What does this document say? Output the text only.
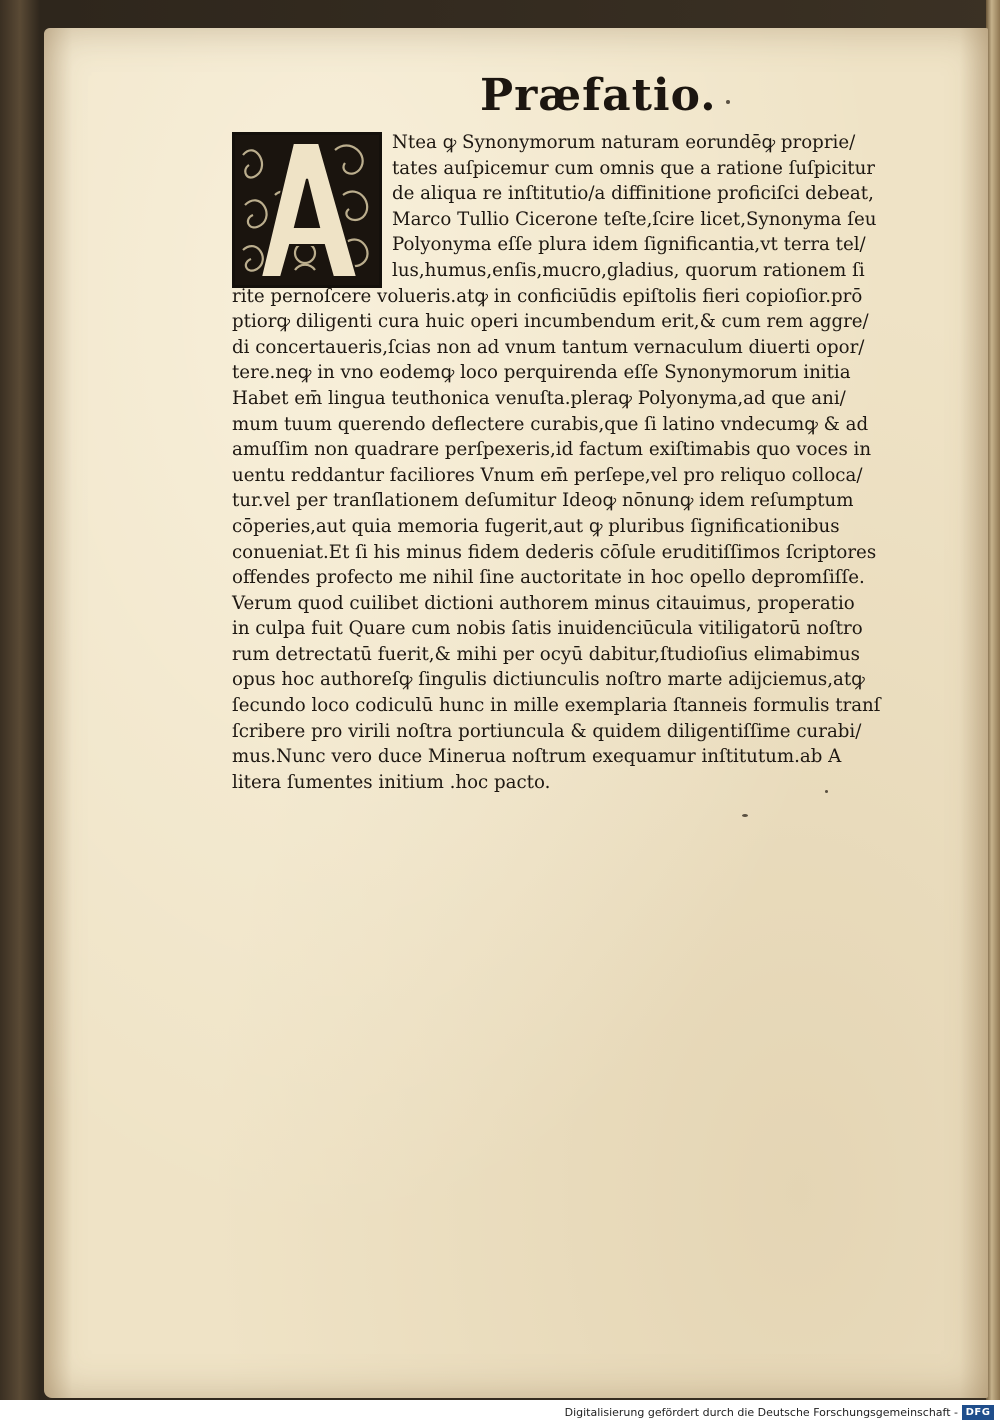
Præfatio.
A
Ntea ꝙ Synonymorum naturam eorundēꝙ proprie/
tates auſpicemur cum omnis que a ratione ſuſpicitur
de aliqua re inſtitutio/a diffinitione proficiſci debeat,
Marco Tullio Cicerone teſte,ſcire licet,Synonyma ſeu
Polyonyma eſſe plura idem ſignificantia,vt terra tel/
lus,humus,enſis,mucro,gladius, quorum rationem ſi
rite pernoſcere volueris.atꝙ in conficiūdis epiſtolis fieri copioſior.prō
ptiorꝙ diligenti cura huic operi incumbendum erit,& cum rem aggre/
di concertaueris,ſcias non ad vnum tantum vernaculum diuerti opor/
tere.neꝙ in vno eodemꝙ loco perquirenda eſſe Synonymorum initia
Habet em̄ lingua teuthonica venuſta.pleraꝙ Polyonyma,ad que ani/
mum tuum querendo deflectere curabis,que ſi latino vndecumꝙ & ad
amuſſim non quadrare perſpexeris,id factum exiſtimabis quo voces in
uentu reddantur faciliores Vnum em̄ perſepe,vel pro reliquo colloca/
tur.vel per tranſlationem deſumitur Ideoꝙ nōnunꝙ idem reſumptum
cōperies,aut quia memoria fugerit,aut ꝙ pluribus ſignificationibus
conueniat.Et ſi his minus fidem dederis cōſule eruditiſſimos ſcriptores
offendes profecto me nihil ſine auctoritate in hoc opello depromſiſſe.
Verum quod cuilibet dictioni authorem minus citauimus, properatio
in culpa fuit Quare cum nobis ſatis inuidenciūcula vitiligatorū noſtro
rum detrectatū fuerit,& mihi per ocyū dabitur,ſtudioſius elimabimus
opus hoc authoreſꝙ ſingulis dictiunculis noſtro marte adijciemus,atꝙ
ſecundo loco codiculū hunc in mille exemplaria ſtanneis formulis tranſ
ſcribere pro virili noſtra portiuncula & quidem diligentiſſime curabi/
mus.Nunc vero duce Minerua noſtrum exequamur inſtitutum.ab A
litera ſumentes initium .hoc pacto.

Digitalisierung gefördert durch die Deutsche Forschungsgemeinschaft - DFG
